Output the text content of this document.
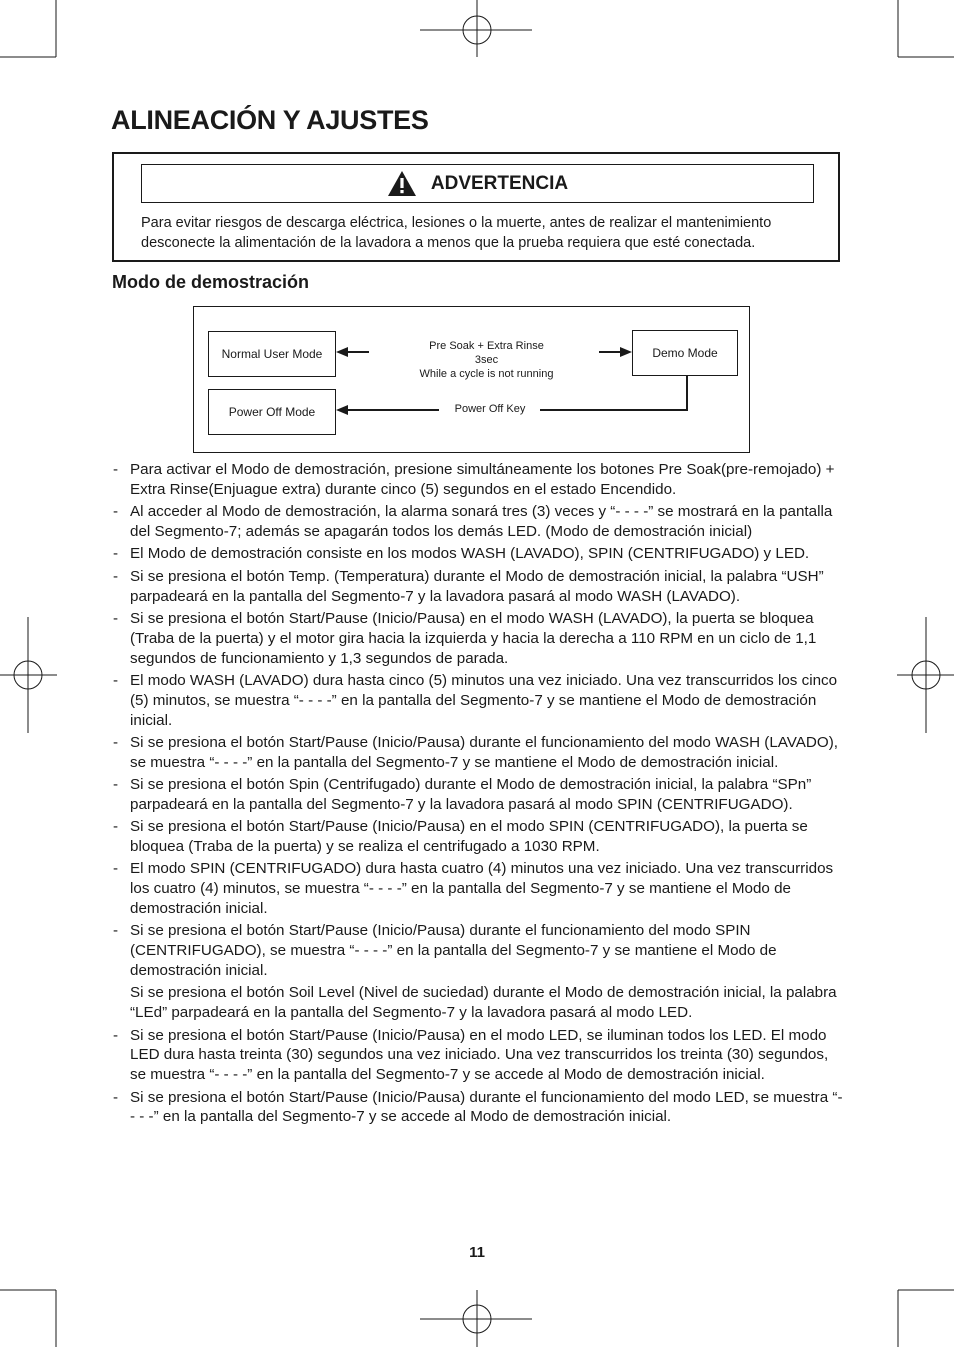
ALINEACIÓN Y AJUSTES
ADVERTENCIA

Para evitar riesgos de descarga eléctrica, lesiones o la muerte, antes de realizar el mantenimiento desconecte la alimentación de la lavadora a menos que la prueba requiera que esté conectada.

Modo de demostración
Normal User Mode
Power Off Mode
Demo Mode
Pre Soak + Extra Rinse
3sec
While a cycle is not running
Power Off Key
- Para activar el Modo de demostración, presione simultáneamente los botones Pre Soak(pre-remojado) + Extra Rinse(Enjuague extra) durante cinco (5) segundos en el estado Encendido.
- Al acceder al Modo de demostración, la alarma sonará tres (3) veces y “- - - -” se mostrará en la pantalla del Segmento-7; además se apagarán todos los demás LED. (Modo de demostración inicial)
- El Modo de demostración consiste en los modos WASH (LAVADO), SPIN (CENTRIFUGADO) y LED.
- Si se presiona el botón Temp. (Temperatura) durante el Modo de demostración inicial, la palabra “USH” parpadeará en la pantalla del Segmento-7 y la lavadora pasará al modo WASH (LAVADO).
- Si se presiona el botón Start/Pause (Inicio/Pausa) en el modo WASH (LAVADO), la puerta se bloquea (Traba de la puerta) y el motor gira hacia la izquierda y hacia la derecha a 110 RPM en un ciclo de 1,1 segundos de funcionamiento y 1,3 segundos de parada.
- El modo WASH (LAVADO) dura hasta cinco (5) minutos una vez iniciado. Una vez transcurridos los cinco (5) minutos, se muestra “- - - -” en la pantalla del Segmento-7 y se mantiene el Modo de demostración inicial.
- Si se presiona el botón Start/Pause (Inicio/Pausa) durante el funcionamiento del modo WASH (LAVADO), se muestra “- - - -” en la pantalla del Segmento-7 y se mantiene el Modo de demostración inicial.
- Si se presiona el botón Spin (Centrifugado) durante el Modo de demostración inicial, la palabra “SPn” parpadeará en la pantalla del Segmento-7 y la lavadora pasará al modo SPIN (CENTRIFUGADO).
- Si se presiona el botón Start/Pause (Inicio/Pausa) en el modo SPIN (CENTRIFUGADO), la puerta se bloquea (Traba de la puerta) y se realiza el centrifugado a 1030 RPM.
- El modo SPIN (CENTRIFUGADO) dura hasta cuatro (4) minutos una vez iniciado. Una vez transcurridos los cuatro (4) minutos, se muestra “- - - -” en la pantalla del Segmento-7 y se mantiene el Modo de demostración inicial.
- Si se presiona el botón Start/Pause (Inicio/Pausa) durante el funcionamiento del modo SPIN (CENTRIFUGADO), se muestra “- - - -” en la pantalla del Segmento-7 y se mantiene el Modo de demostración inicial.
Si se presiona el botón Soil Level (Nivel de suciedad) durante el Modo de demostración inicial, la palabra “LEd” parpadeará en la pantalla del Segmento-7 y la lavadora pasará al modo LED.
- Si se presiona el botón Start/Pause (Inicio/Pausa) en el modo LED, se iluminan todos los LED. El modo LED dura hasta treinta (30) segundos una vez iniciado. Una vez transcurridos los treinta (30) segundos, se muestra “- - - -” en la pantalla del Segmento-7 y se accede al Modo de demostración inicial.
- Si se presiona el botón Start/Pause (Inicio/Pausa) durante el funcionamiento del modo LED, se muestra “- - - -” en la pantalla del Segmento-7 y se accede al Modo de demostración inicial.
11
